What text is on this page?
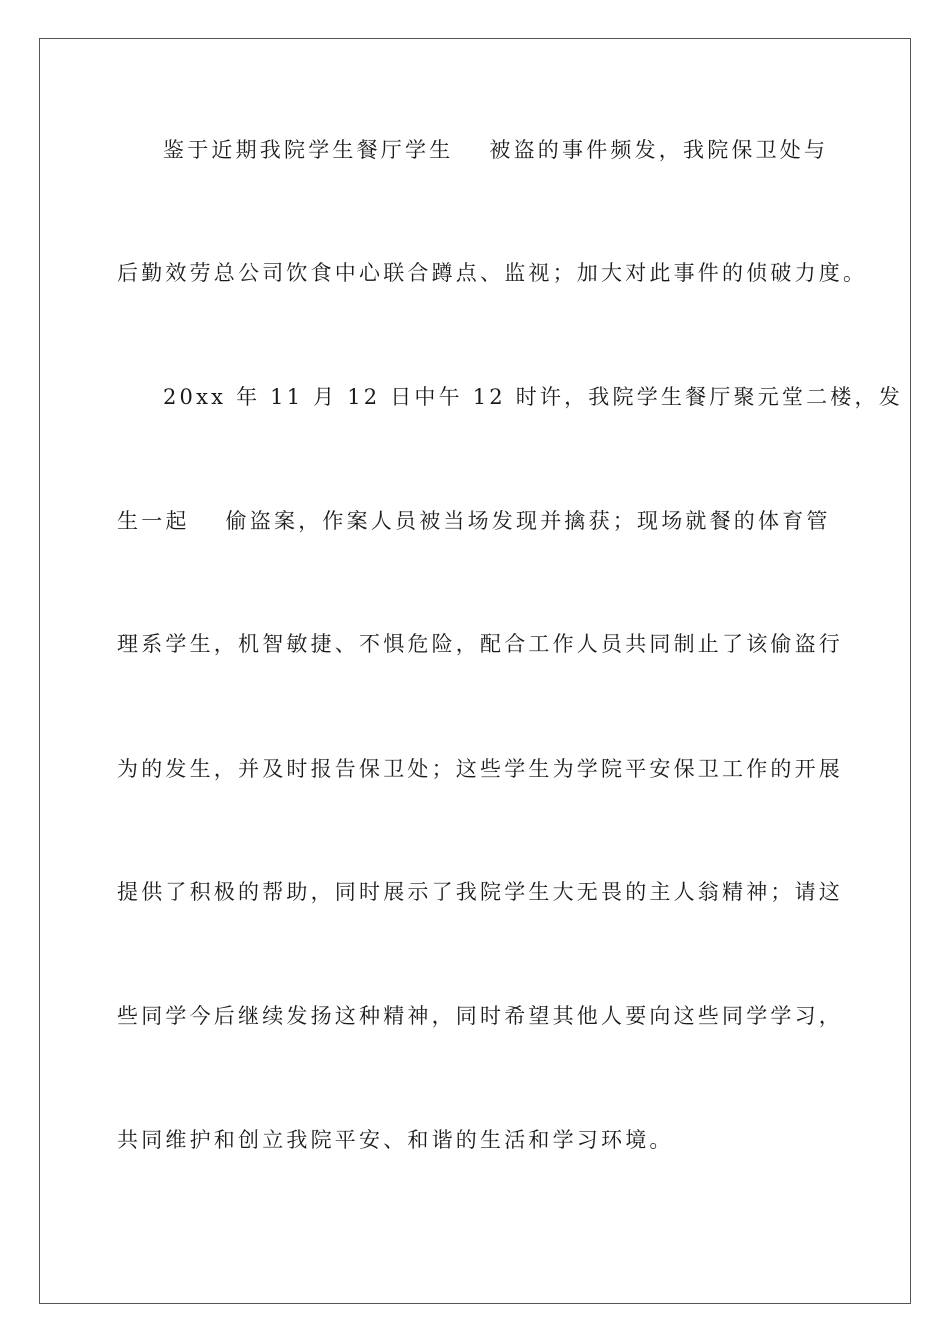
鉴于近期我院学生餐厅学生 被盗的事件频发，我院保卫处与
后勤效劳总公司饮食中心联合蹲点、监视；加大对此事件的侦破力度。
20xx 年 11 月 12 日中午 12 时许，我院学生餐厅聚元堂二楼，发
生一起 偷盗案，作案人员被当场发现并擒获；现场就餐的体育管
理系学生，机智敏捷、不惧危险，配合工作人员共同制止了该偷盗行
为的发生，并及时报告保卫处；这些学生为学院平安保卫工作的开展
提供了积极的帮助，同时展示了我院学生大无畏的主人翁精神；请这
些同学今后继续发扬这种精神，同时希望其他人要向这些同学学习，
共同维护和创立我院平安、和谐的生活和学习环境。
